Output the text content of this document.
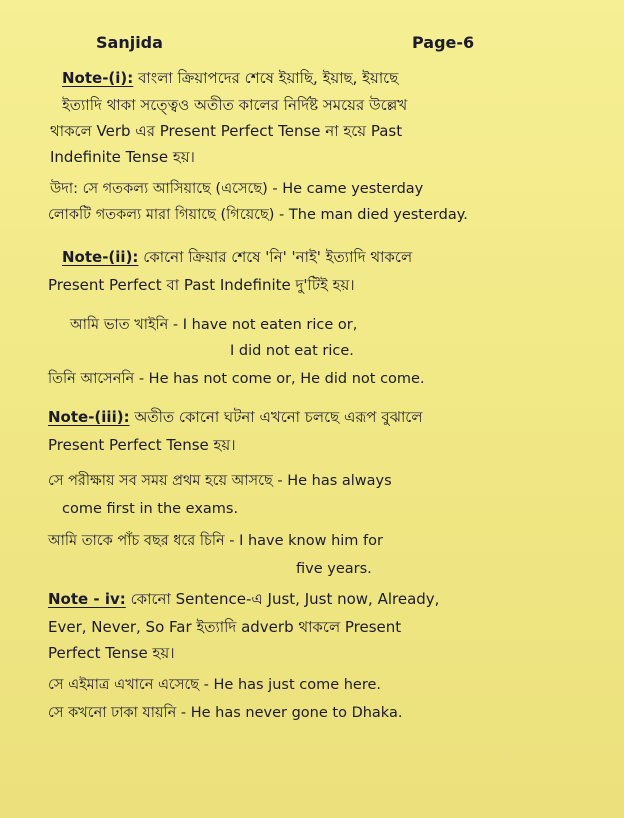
Sanjida	Page-6
Note-(i): বাংলা ক্রিয়াপদের শেষে ইয়াছি, ইয়াছ, ইয়াছে
ইত্যাদি থাকা সত্ত্বেও অতীত কালের নির্দিষ্ট সময়ের উল্লেখ
থাকলে Verb এর Present Perfect Tense না হয়ে Past
Indefinite Tense হয়।
উদা: সে গতকল্য আসিয়াছে (এসেছে) - He came yesterday
লোকটি গতকল্য মারা গিয়াছে (গিয়েছে) - The man died yesterday.
Note-(ii): কোনো ক্রিয়ার শেষে 'নি' 'নাই' ইত্যাদি থাকলে
Present Perfect বা Past Indefinite দু'টিই হয়।
আমি ভাত খাইনি - I have not eaten rice or,
I did not eat rice.
তিনি আসেননি - He has not come or, He did not come.
Note-(iii): অতীত কোনো ঘটনা এখনো চলছে এরূপ বুঝালে
Present Perfect Tense হয়।
সে পরীক্ষায় সব সময় প্রথম হয়ে আসছে - He has always
come first in the exams.
আমি তাকে পাঁচ বছর ধরে চিনি - I have know him for
five years.
Note - iv: কোনো Sentence-এ Just, Just now, Already,
Ever, Never, So Far ইত্যাদি adverb থাকলে Present
Perfect Tense হয়।
সে এইমাত্র এখানে এসেছে - He has just come here.
সে কখনো ঢাকা যায়নি - He has never gone to Dhaka.
